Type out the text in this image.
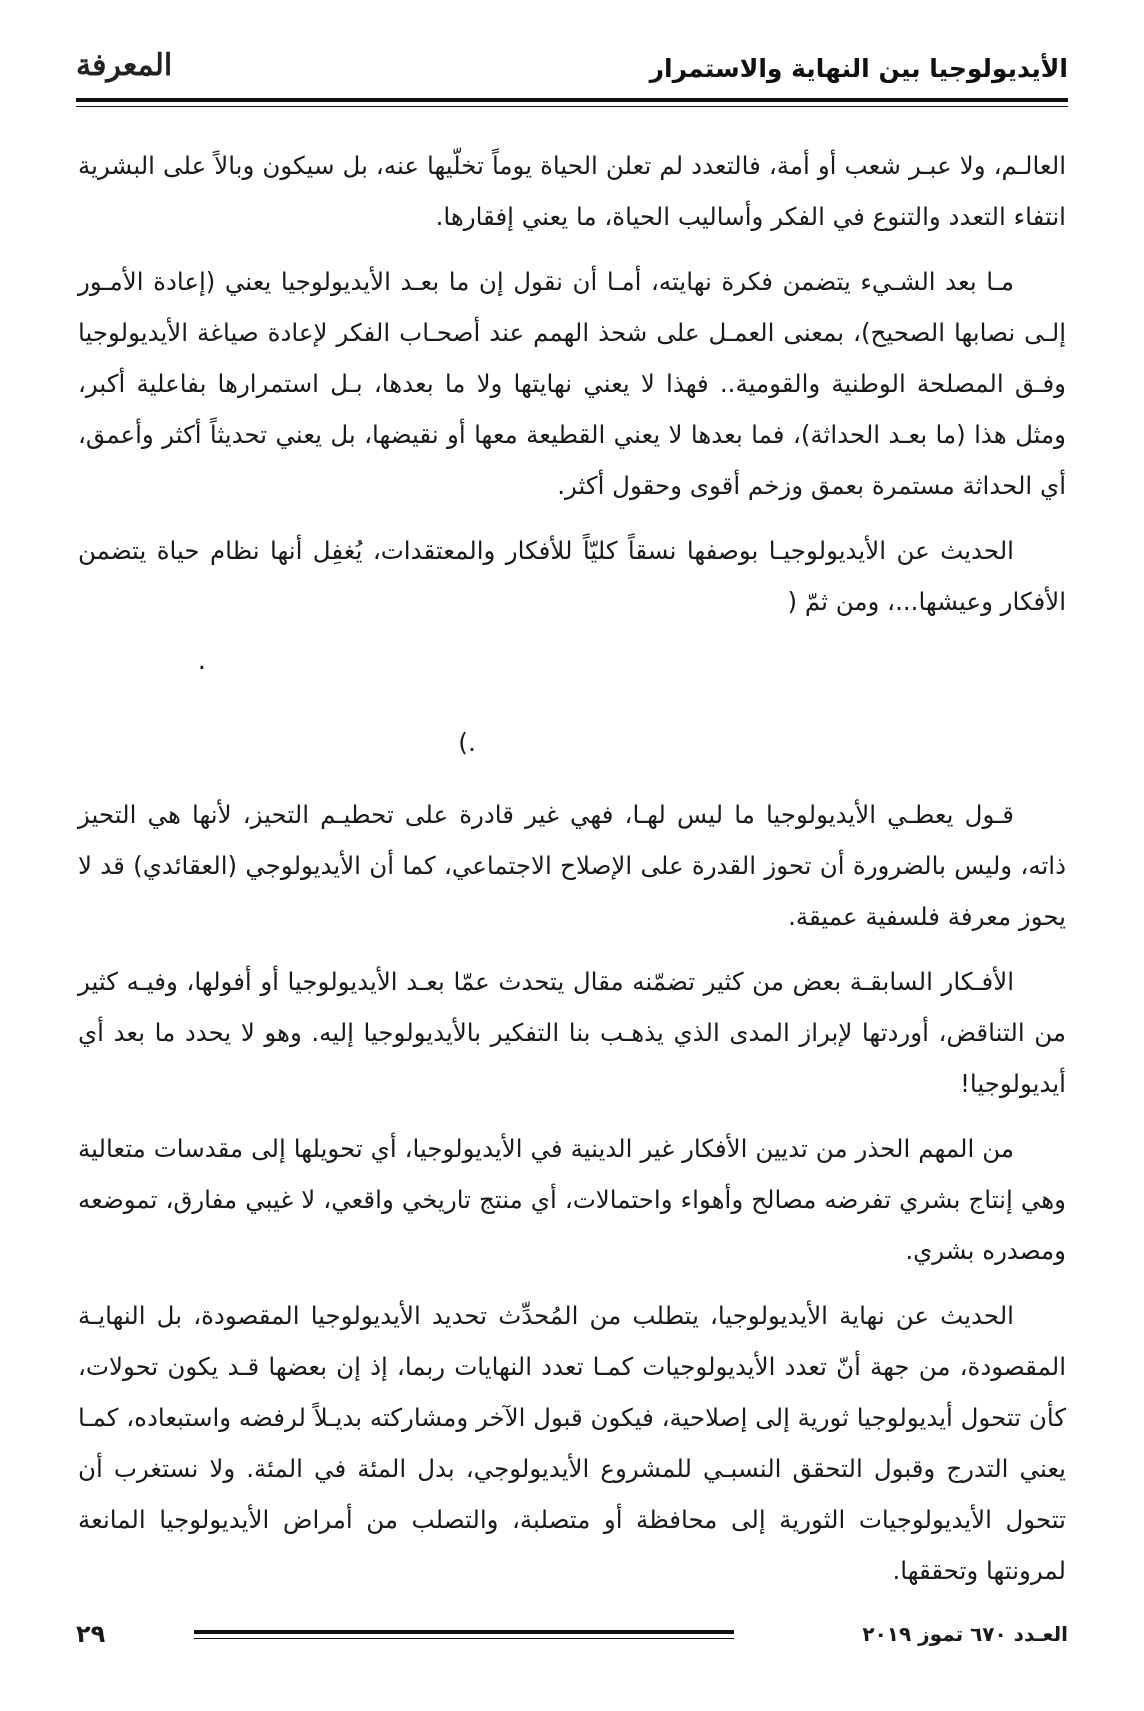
الأيديولوجيا بين النهاية والاستمرار
المعرفة

العالـم، ولا عبـر شعب أو أمة، فالتعدد لم تعلن الحياة يوماً تخلّيها عنه، بل سيكون وبالاً على البشرية انتفاء التعدد والتنوع في الفكر وأساليب الحياة، ما يعني إفقارها.

مـا بعد الشـيء يتضمن فكرة نهايته، أمـا أن نقول إن ما بعـد الأيديولوجيا يعني (إعادة الأمـور إلـى نصابها الصحيح)، بمعنى العمـل على شحذ الهمم عند أصحـاب الفكر لإعادة صياغة الأيديولوجيا وفـق المصلحة الوطنية والقومية.. فهذا لا يعني نهايتها ولا ما بعدها، بـل استمرارها بفاعلية أكبر، ومثل هذا (ما بعـد الحداثة)، فما بعدها لا يعني القطيعة معها أو نقيضها، بل يعني تحديثاً أكثر وأعمق، أي الحداثة مستمرة بعمق وزخم أقوى وحقول أكثر.

الحديث عن الأيديولوجيـا بوصفها نسقاً كليّاً للأفكار والمعتقدات، يُغفِل أنها نظام حياة يتضمن الأفكار وعيشها...، ومن ثمّ (

.
.)

قـول يعطـي الأيديولوجيا ما ليس لهـا، فهي غير قادرة على تحطيـم التحيز، لأنها هي التحيز ذاته، وليس بالضرورة أن تحوز القدرة على الإصلاح الاجتماعي، كما أن الأيديولوجي (العقائدي) قد لا يحوز معرفة فلسفية عميقة.

الأفـكار السابقـة بعض من كثير تضمّنه مقال يتحدث عمّا بعـد الأيديولوجيا أو أفولها، وفيـه كثير من التناقض، أوردتها لإبراز المدى الذي يذهـب بنا التفكير بالأيديولوجيا إليه. وهو لا يحدد ما بعد أي أيديولوجيا!

من المهم الحذر من تديين الأفكار غير الدينية في الأيديولوجيا، أي تحويلها إلى مقدسات متعالية وهي إنتاج بشري تفرضه مصالح وأهواء واحتمالات، أي منتج تاريخي واقعي، لا غيبي مفارق، تموضعه ومصدره بشري.

الحديث عن نهاية الأيديولوجيا، يتطلب من المُحدِّث تحديد الأيديولوجيا المقصودة، بل النهايـة المقصودة، من جهة أنّ تعدد الأيديولوجيات كمـا تعدد النهايات ربما، إذ إن بعضها قـد يكون تحولات، كأن تتحول أيديولوجيا ثورية إلى إصلاحية، فيكون قبول الآخر ومشاركته بديـلاً لرفضه واستبعاده، كمـا يعني التدرج وقبول التحقق النسبـي للمشروع الأيديولوجي، بدل المئة في المئة. ولا نستغرب أن تتحول الأيديولوجيات الثورية إلى محافظة أو متصلبة، والتصلب من أمراض الأيديولوجيا المانعة لمرونتها وتحققها.

٢٩	العـدد ٦٧٠ تموز ٢٠١٩
